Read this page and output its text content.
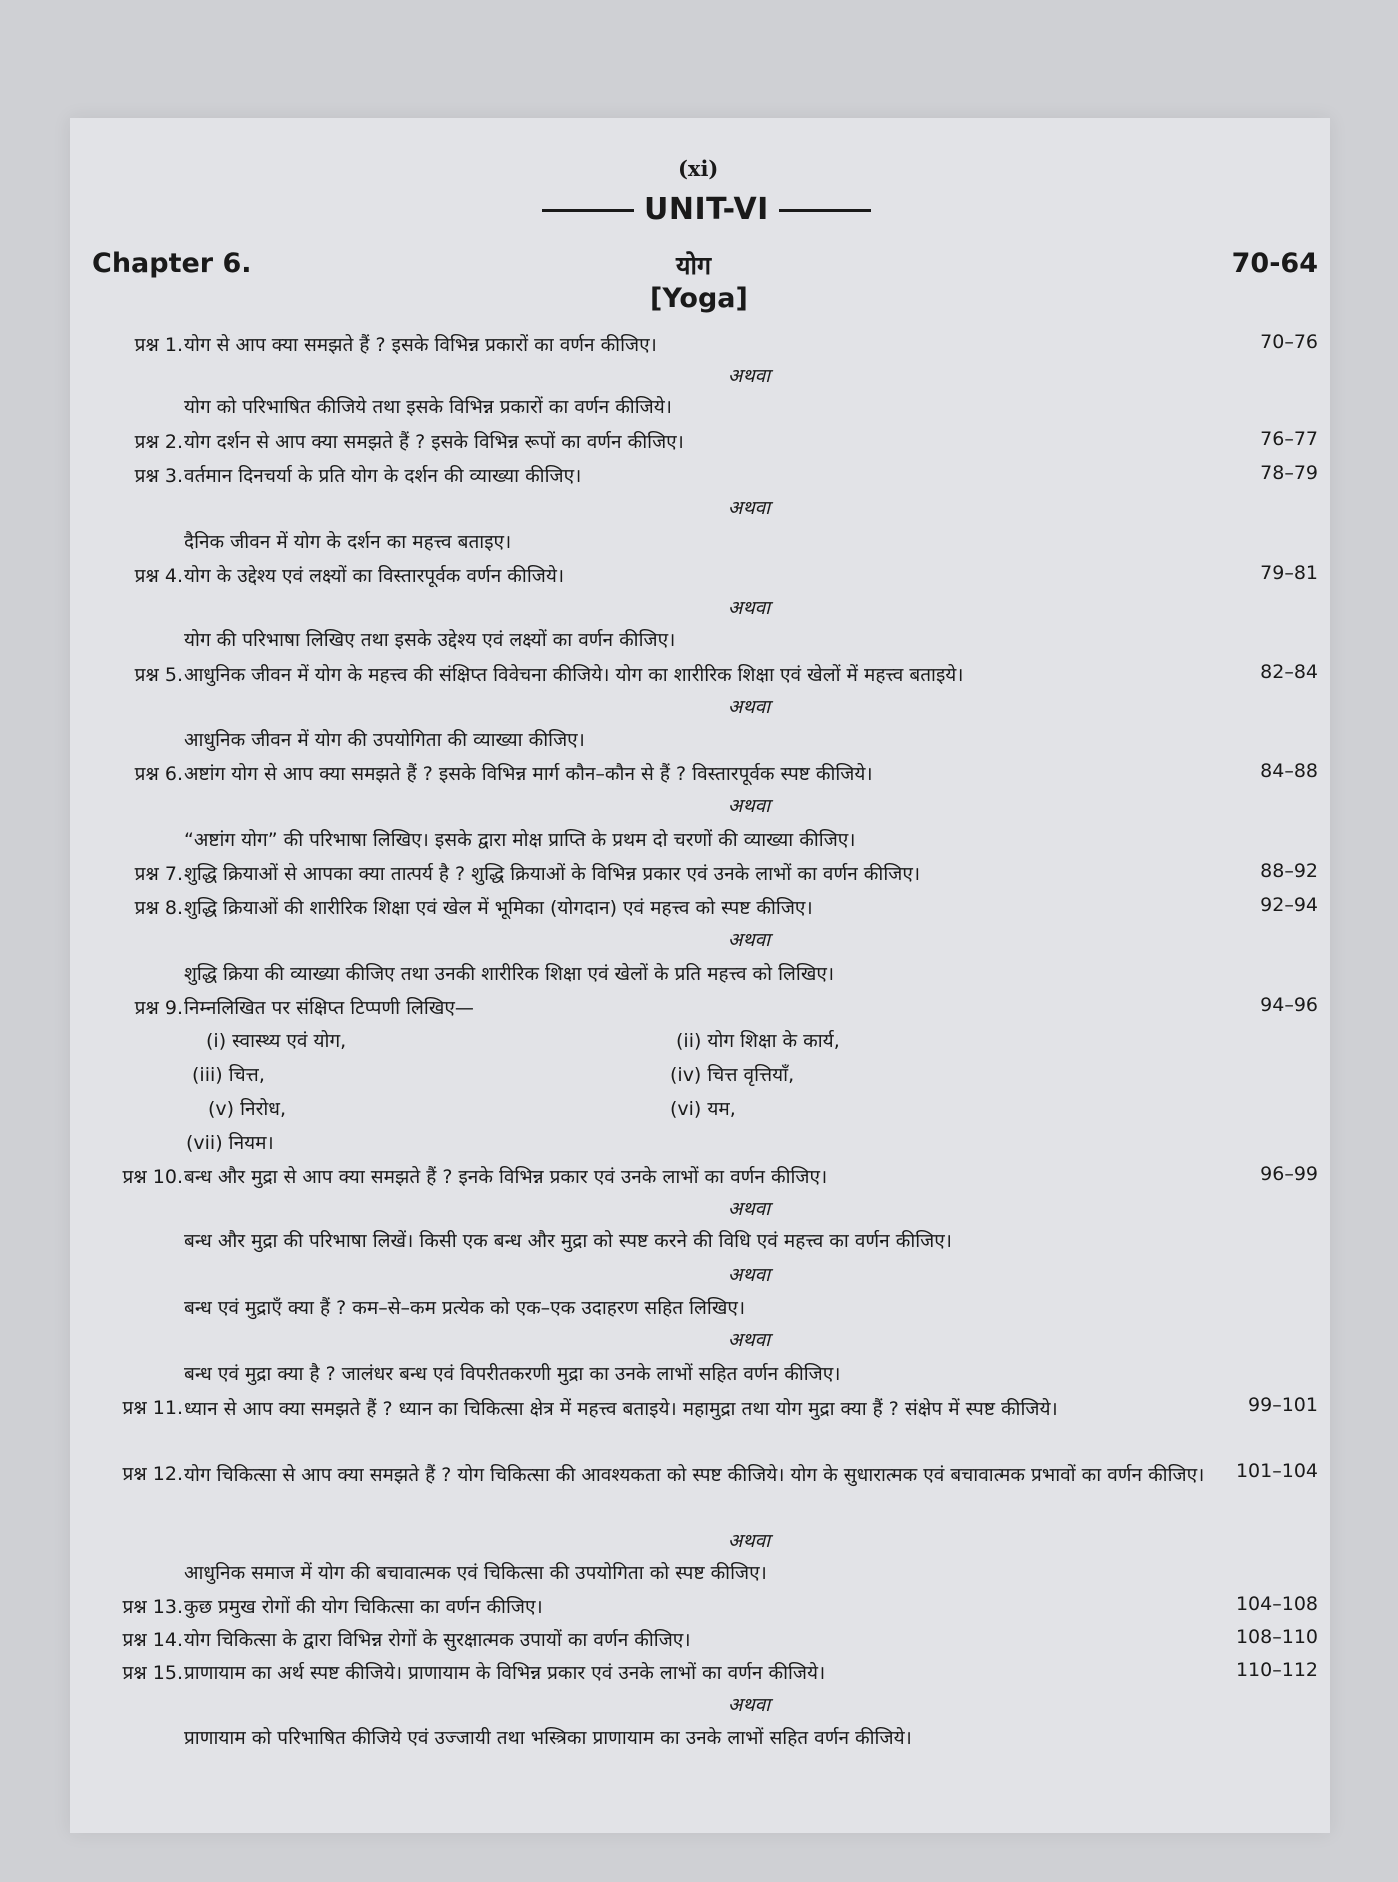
(xi)
UNIT-VI
Chapter 6.	योग
[Yoga]
70-64
प्रश्न 1. योग से आप क्या समझते हैं ? इसके विभिन्न प्रकारों का वर्णन कीजिए।	70–76
अथवा
योग को परिभाषित कीजिये तथा इसके विभिन्न प्रकारों का वर्णन कीजिये।
प्रश्न 2. योग दर्शन से आप क्या समझते हैं ? इसके विभिन्न रूपों का वर्णन कीजिए।	76–77
प्रश्न 3. वर्तमान दिनचर्या के प्रति योग के दर्शन की व्याख्या कीजिए।	78–79
अथवा
दैनिक जीवन में योग के दर्शन का महत्त्व बताइए।
प्रश्न 4. योग के उद्देश्य एवं लक्ष्यों का विस्तारपूर्वक वर्णन कीजिये।	79–81
अथवा
योग की परिभाषा लिखिए तथा इसके उद्देश्य एवं लक्ष्यों का वर्णन कीजिए।
प्रश्न 5. आधुनिक जीवन में योग के महत्त्व की संक्षिप्त विवेचना कीजिये। योग का शारीरिक शिक्षा एवं खेलों में महत्त्व बताइये।	82–84
अथवा
आधुनिक जीवन में योग की उपयोगिता की व्याख्या कीजिए।
प्रश्न 6. अष्टांग योग से आप क्या समझते हैं ? इसके विभिन्न मार्ग कौन–कौन से हैं ? विस्तारपूर्वक स्पष्ट कीजिये।	84–88
अथवा
“अष्टांग योग” की परिभाषा लिखिए। इसके द्वारा मोक्ष प्राप्ति के प्रथम दो चरणों की व्याख्या कीजिए।
प्रश्न 7. शुद्धि क्रियाओं से आपका क्या तात्पर्य है ? शुद्धि क्रियाओं के विभिन्न प्रकार एवं उनके लाभों का वर्णन कीजिए।	88–92
प्रश्न 8. शुद्धि क्रियाओं की शारीरिक शिक्षा एवं खेल में भूमिका (योगदान) एवं महत्त्व को स्पष्ट कीजिए।	92–94
अथवा
शुद्धि क्रिया की व्याख्या कीजिए तथा उनकी शारीरिक शिक्षा एवं खेलों के प्रति महत्त्व को लिखिए।
प्रश्न 9. निम्नलिखित पर संक्षिप्त टिप्पणी लिखिए—	94–96
(i) स्वास्थ्य एवं योग,	(ii) योग शिक्षा के कार्य,
(iii) चित्त,	(iv) चित्त वृत्तियाँ,
(v) निरोध,	(vi) यम,
(vii) नियम।
प्रश्न 10. बन्ध और मुद्रा से आप क्या समझते हैं ? इनके विभिन्न प्रकार एवं उनके लाभों का वर्णन कीजिए।	96–99
अथवा
बन्ध और मुद्रा की परिभाषा लिखें। किसी एक बन्ध और मुद्रा को स्पष्ट करने की विधि एवं महत्त्व का वर्णन कीजिए।
अथवा
बन्ध एवं मुद्राएँ क्या हैं ? कम–से–कम प्रत्येक को एक–एक उदाहरण सहित लिखिए।
अथवा
बन्ध एवं मुद्रा क्या है ? जालंधर बन्ध एवं विपरीतकरणी मुद्रा का उनके लाभों सहित वर्णन कीजिए।
प्रश्न 11. ध्यान से आप क्या समझते हैं ? ध्यान का चिकित्सा क्षेत्र में महत्त्व बताइये। महामुद्रा तथा योग मुद्रा क्या हैं ? संक्षेप में स्पष्ट कीजिये।	99–101
प्रश्न 12. योग चिकित्सा से आप क्या समझते हैं ? योग चिकित्सा की आवश्यकता को स्पष्ट कीजिये। योग के सुधारात्मक एवं बचावात्मक प्रभावों का वर्णन कीजिए।	101–104
अथवा
आधुनिक समाज में योग की बचावात्मक एवं चिकित्सा की उपयोगिता को स्पष्ट कीजिए।
प्रश्न 13. कुछ प्रमुख रोगों की योग चिकित्सा का वर्णन कीजिए।	104–108
प्रश्न 14. योग चिकित्सा के द्वारा विभिन्न रोगों के सुरक्षात्मक उपायों का वर्णन कीजिए।	108–110
प्रश्न 15. प्राणायाम का अर्थ स्पष्ट कीजिये। प्राणायाम के विभिन्न प्रकार एवं उनके लाभों का वर्णन कीजिये।	110–112
अथवा
प्राणायाम को परिभाषित कीजिये एवं उज्जायी तथा भस्त्रिका प्राणायाम का उनके लाभों सहित वर्णन कीजिये।
